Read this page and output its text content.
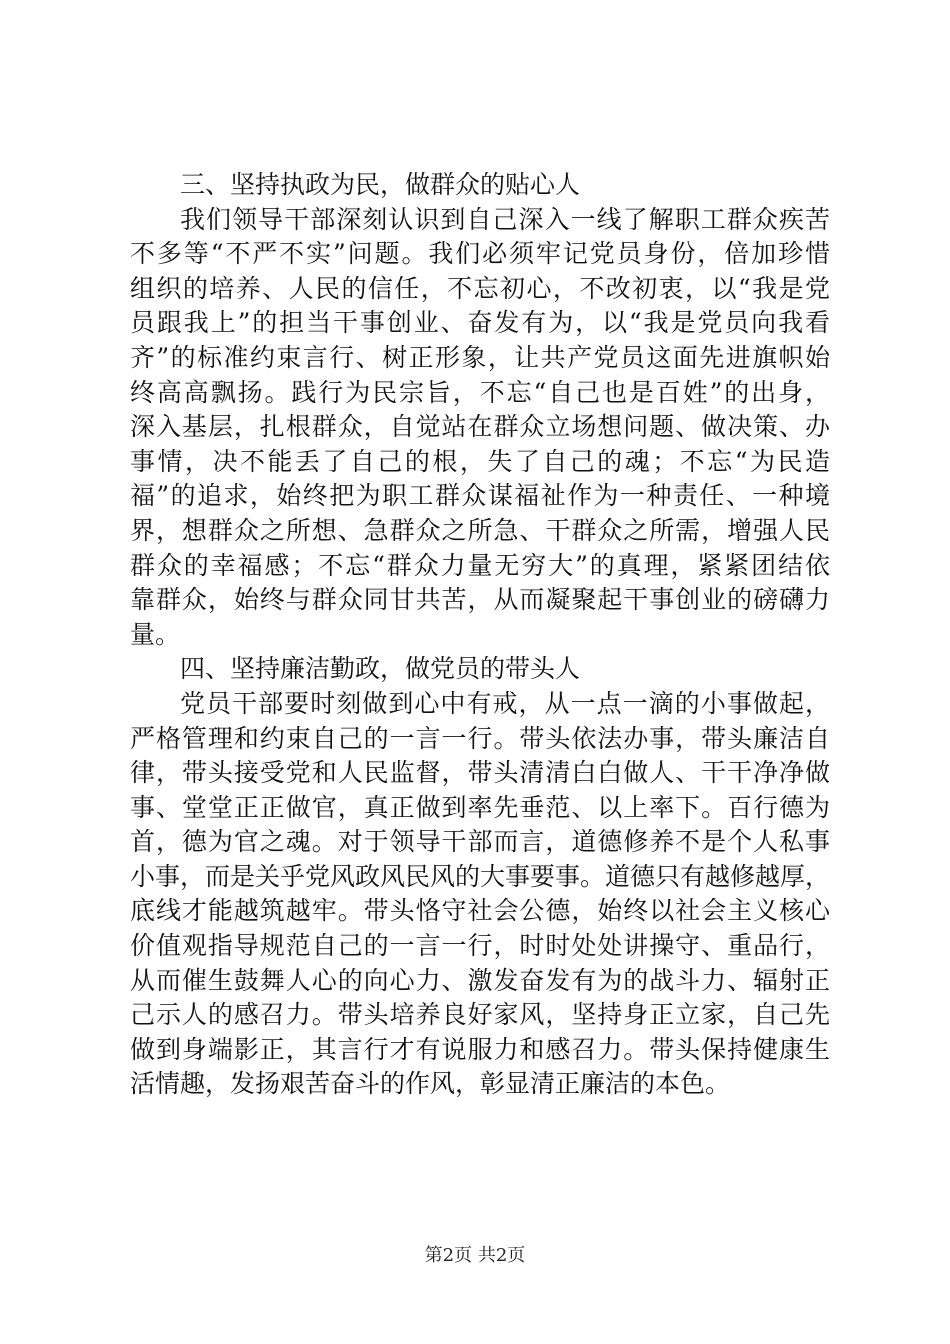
三、坚持执政为民，做群众的贴心人
我们领导干部深刻认识到自己深入一线了解职工群众疾苦
不多等“不严不实”问题。我们必须牢记党员身份，倍加珍惜
组织的培养、人民的信任，不忘初心，不改初衷，以“我是党
员跟我上”的担当干事创业、奋发有为，以“我是党员向我看
齐”的标准约束言行、树正形象，让共产党员这面先进旗帜始
终高高飘扬。践行为民宗旨，不忘“自己也是百姓”的出身，
深入基层，扎根群众，自觉站在群众立场想问题、做决策、办
事情，决不能丢了自己的根，失了自己的魂；不忘“为民造
福”的追求，始终把为职工群众谋福祉作为一种责任、一种境
界，想群众之所想、急群众之所急、干群众之所需，增强人民
群众的幸福感；不忘“群众力量无穷大”的真理，紧紧团结依
靠群众，始终与群众同甘共苦，从而凝聚起干事创业的磅礴力
量。
四、坚持廉洁勤政，做党员的带头人
党员干部要时刻做到心中有戒，从一点一滴的小事做起，
严格管理和约束自己的一言一行。带头依法办事，带头廉洁自
律，带头接受党和人民监督，带头清清白白做人、干干净净做
事、堂堂正正做官，真正做到率先垂范、以上率下。百行德为
首，德为官之魂。对于领导干部而言，道德修养不是个人私事
小事，而是关乎党风政风民风的大事要事。道德只有越修越厚，
底线才能越筑越牢。带头恪守社会公德，始终以社会主义核心
价值观指导规范自己的一言一行，时时处处讲操守、重品行，
从而催生鼓舞人心的向心力、激发奋发有为的战斗力、辐射正
己示人的感召力。带头培养良好家风，坚持身正立家，自己先
做到身端影正，其言行才有说服力和感召力。带头保持健康生
活情趣，发扬艰苦奋斗的作风，彰显清正廉洁的本色。
第2页 共2页
